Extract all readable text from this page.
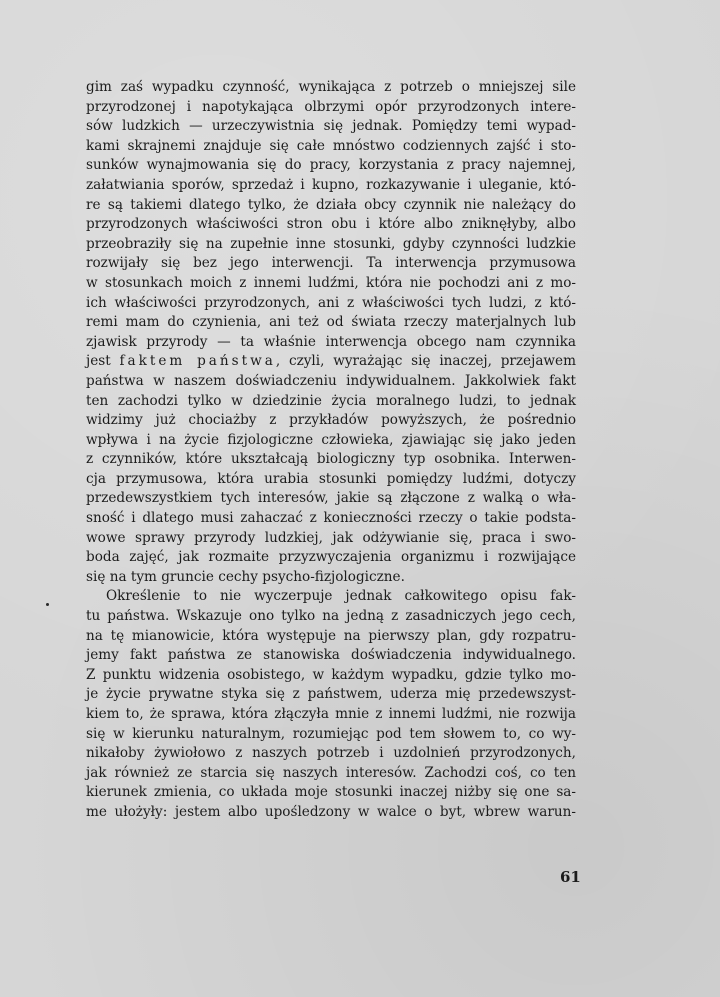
gim zaś wypadku czynność, wynikająca z potrzeb o mniejszej sile
przyrodzonej i napotykająca olbrzymi opór przyrodzonych intere-
sów ludzkich — urzeczywistnia się jednak. Pomiędzy temi wypad-
kami skrajnemi znajduje się całe mnóstwo codziennych zajść i sto-
sunków wynajmowania się do pracy, korzystania z pracy najemnej,
załatwiania sporów, sprzedaż i kupno, rozkazywanie i uleganie, któ-
re są takiemi dlatego tylko, że działa obcy czynnik nie należący do
przyrodzonych właściwości stron obu i które albo zniknęłyby, albo
przeobraziły się na zupełnie inne stosunki, gdyby czynności ludzkie
rozwijały się bez jego interwencji. Ta interwencja przymusowa
w stosunkach moich z innemi ludźmi, która nie pochodzi ani z mo-
ich właściwości przyrodzonych, ani z właściwości tych ludzi, z któ-
remi mam do czynienia, ani też od świata rzeczy materjalnych lub
zjawisk przyrody — ta właśnie interwencja obcego nam czynnika
jest faktem państwa, czyli, wyrażając się inaczej, przejawem
państwa w naszem doświadczeniu indywidualnem. Jakkolwiek fakt
ten zachodzi tylko w dziedzinie życia moralnego ludzi, to jednak
widzimy już chociażby z przykładów powyższych, że pośrednio
wpływa i na życie fizjologiczne człowieka, zjawiając się jako jeden
z czynników, które ukształcają biologiczny typ osobnika. Interwen-
cja przymusowa, która urabia stosunki pomiędzy ludźmi, dotyczy
przedewszystkiem tych interesów, jakie są złączone z walką o wła-
sność i dlatego musi zahaczać z konieczności rzeczy o takie podsta-
wowe sprawy przyrody ludzkiej, jak odżywianie się, praca i swo-
boda zajęć, jak rozmaite przyzwyczajenia organizmu i rozwijające
się na tym gruncie cechy psycho-fizjologiczne.
Określenie to nie wyczerpuje jednak całkowitego opisu fak-
tu państwa. Wskazuje ono tylko na jedną z zasadniczych jego cech,
na tę mianowicie, która występuje na pierwszy plan, gdy rozpatru-
jemy fakt państwa ze stanowiska doświadczenia indywidualnego.
Z punktu widzenia osobistego, w każdym wypadku, gdzie tylko mo-
je życie prywatne styka się z państwem, uderza mię przedewszyst-
kiem to, że sprawa, która złączyła mnie z innemi ludźmi, nie rozwija
się w kierunku naturalnym, rozumiejąc pod tem słowem to, co wy-
nikałoby żywiołowo z naszych potrzeb i uzdolnień przyrodzonych,
jak również ze starcia się naszych interesów. Zachodzi coś, co ten
kierunek zmienia, co układa moje stosunki inaczej niżby się one sa-
me ułożyły: jestem albo upośledzony w walce o byt, wbrew warun-
61
